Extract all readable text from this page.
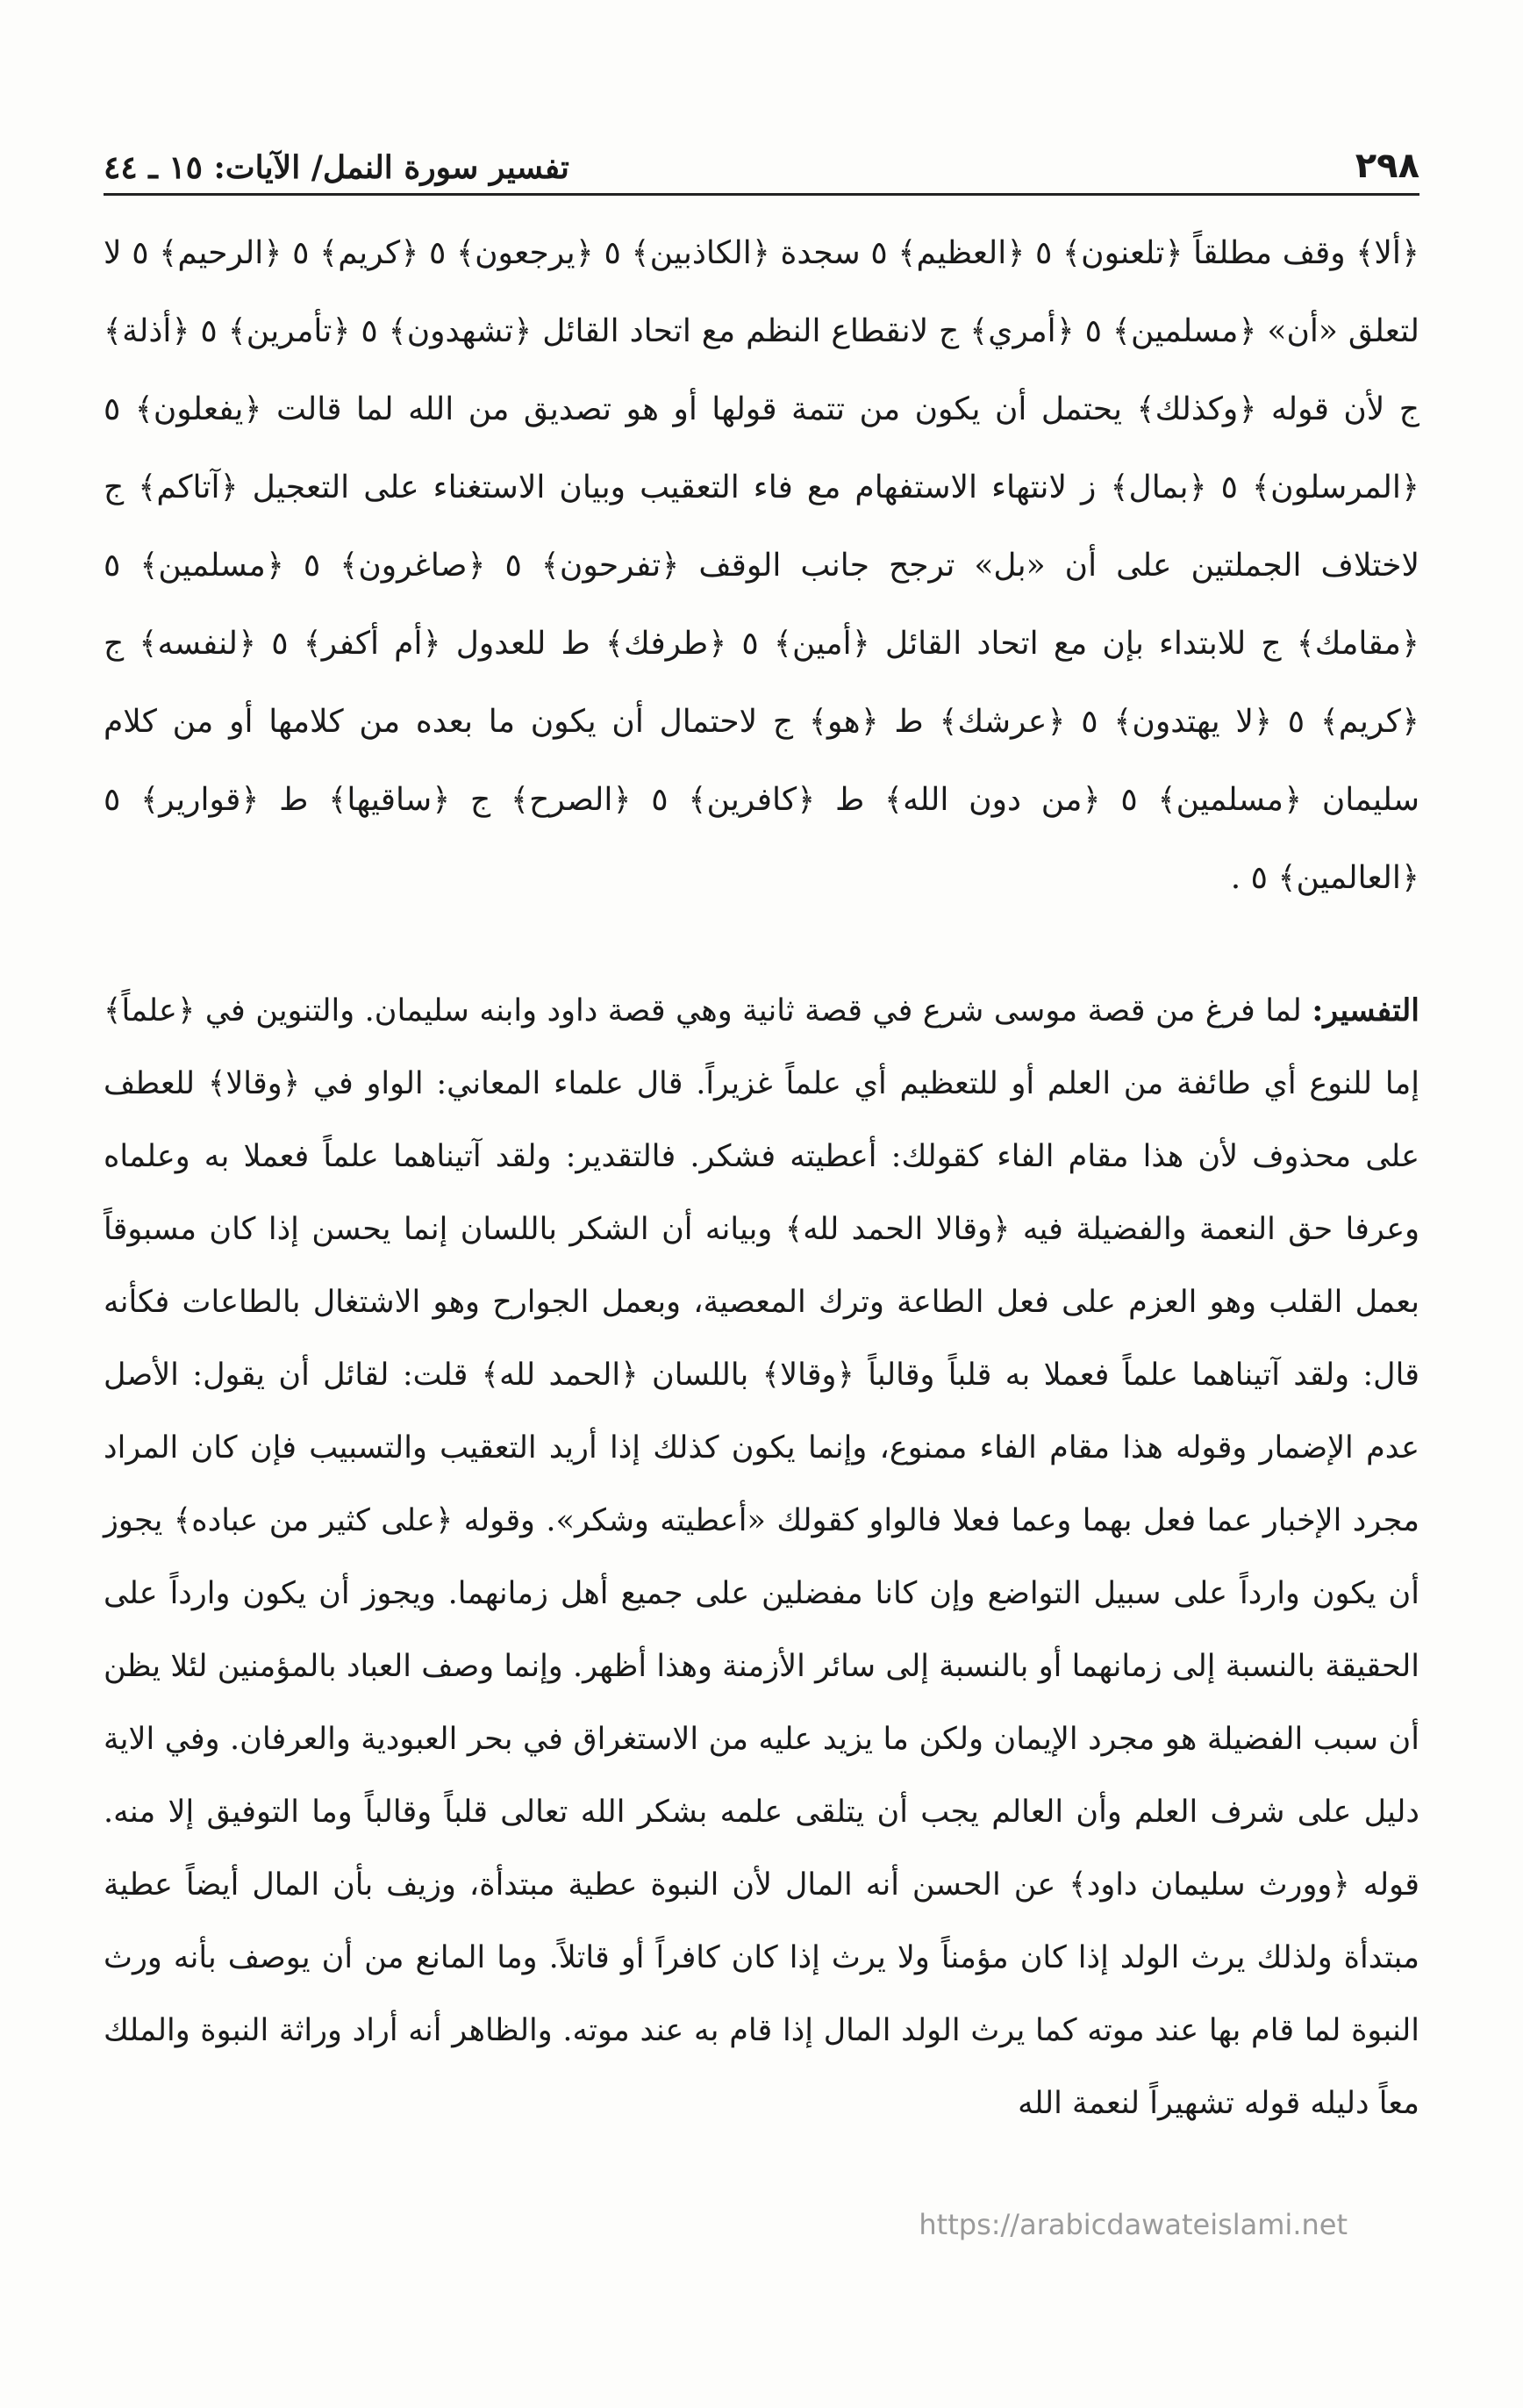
٢٩٨
تفسير سورة النمل/ الآيات: ١٥ ـ ٤٤

﴿ألا﴾ وقف مطلقاً ﴿تلعنون﴾ ٥ ﴿العظيم﴾ ٥ سجدة ﴿الكاذبين﴾ ٥ ﴿يرجعون﴾ ٥ ﴿كريم﴾ ٥ ﴿الرحيم﴾ ٥ لا لتعلق «أن» ﴿مسلمين﴾ ٥ ﴿أمري﴾ ج لانقطاع النظم مع اتحاد القائل ﴿تشهدون﴾ ٥ ﴿تأمرين﴾ ٥ ﴿أذلة﴾ ج لأن قوله ﴿وكذلك﴾ يحتمل أن يكون من تتمة قولها أو هو تصديق من الله لما قالت ﴿يفعلون﴾ ٥ ﴿المرسلون﴾ ٥ ﴿بمال﴾ ز لانتهاء الاستفهام مع فاء التعقيب وبيان الاستغناء على التعجيل ﴿آتاكم﴾ ج لاختلاف الجملتين على أن «بل» ترجح جانب الوقف ﴿تفرحون﴾ ٥ ﴿صاغرون﴾ ٥ ﴿مسلمين﴾ ٥ ﴿مقامك﴾ ج للابتداء بإن مع اتحاد القائل ﴿أمين﴾ ٥ ﴿طرفك﴾ ط للعدول ﴿أم أكفر﴾ ٥ ﴿لنفسه﴾ ج ﴿كريم﴾ ٥ ﴿لا يهتدون﴾ ٥ ﴿عرشك﴾ ط ﴿هو﴾ ج لاحتمال أن يكون ما بعده من كلامها أو من كلام سليمان ﴿مسلمين﴾ ٥ ﴿من دون الله﴾ ط ﴿كافرين﴾ ٥ ﴿الصرح﴾ ج ﴿ساقيها﴾ ط ﴿قوارير﴾ ٥ ﴿العالمين﴾ ٥ .

التفسير: لما فرغ من قصة موسى شرع في قصة ثانية وهي قصة داود وابنه سليمان. والتنوين في ﴿علماً﴾ إما للنوع أي طائفة من العلم أو للتعظيم أي علماً غزيراً. قال علماء المعاني: الواو في ﴿وقالا﴾ للعطف على محذوف لأن هذا مقام الفاء كقولك: أعطيته فشكر. فالتقدير: ولقد آتيناهما علماً فعملا به وعلماه وعرفا حق النعمة والفضيلة فيه ﴿وقالا الحمد لله﴾ وبيانه أن الشكر باللسان إنما يحسن إذا كان مسبوقاً بعمل القلب وهو العزم على فعل الطاعة وترك المعصية، وبعمل الجوارح وهو الاشتغال بالطاعات فكأنه قال: ولقد آتيناهما علماً فعملا به قلباً وقالباً ﴿وقالا﴾ باللسان ﴿الحمد لله﴾ قلت: لقائل أن يقول: الأصل عدم الإضمار وقوله هذا مقام الفاء ممنوع، وإنما يكون كذلك إذا أريد التعقيب والتسبيب فإن كان المراد مجرد الإخبار عما فعل بهما وعما فعلا فالواو كقولك «أعطيته وشكر». وقوله ﴿على كثير من عباده﴾ يجوز أن يكون وارداً على سبيل التواضع وإن كانا مفضلين على جميع أهل زمانهما. ويجوز أن يكون وارداً على الحقيقة بالنسبة إلى زمانهما أو بالنسبة إلى سائر الأزمنة وهذا أظهر. وإنما وصف العباد بالمؤمنين لئلا يظن أن سبب الفضيلة هو مجرد الإيمان ولكن ما يزيد عليه من الاستغراق في بحر العبودية والعرفان. وفي الاية دليل على شرف العلم وأن العالم يجب أن يتلقى علمه بشكر الله تعالى قلباً وقالباً وما التوفيق إلا منه. قوله ﴿وورث سليمان داود﴾ عن الحسن أنه المال لأن النبوة عطية مبتدأة، وزيف بأن المال أيضاً عطية مبتدأة ولذلك يرث الولد إذا كان مؤمناً ولا يرث إذا كان كافراً أو قاتلاً. وما المانع من أن يوصف بأنه ورث النبوة لما قام بها عند موته كما يرث الولد المال إذا قام به عند موته. والظاهر أنه أراد وراثة النبوة والملك معاً دليله قوله تشهيراً لنعمة الله

https://arabicdawateislami.net
